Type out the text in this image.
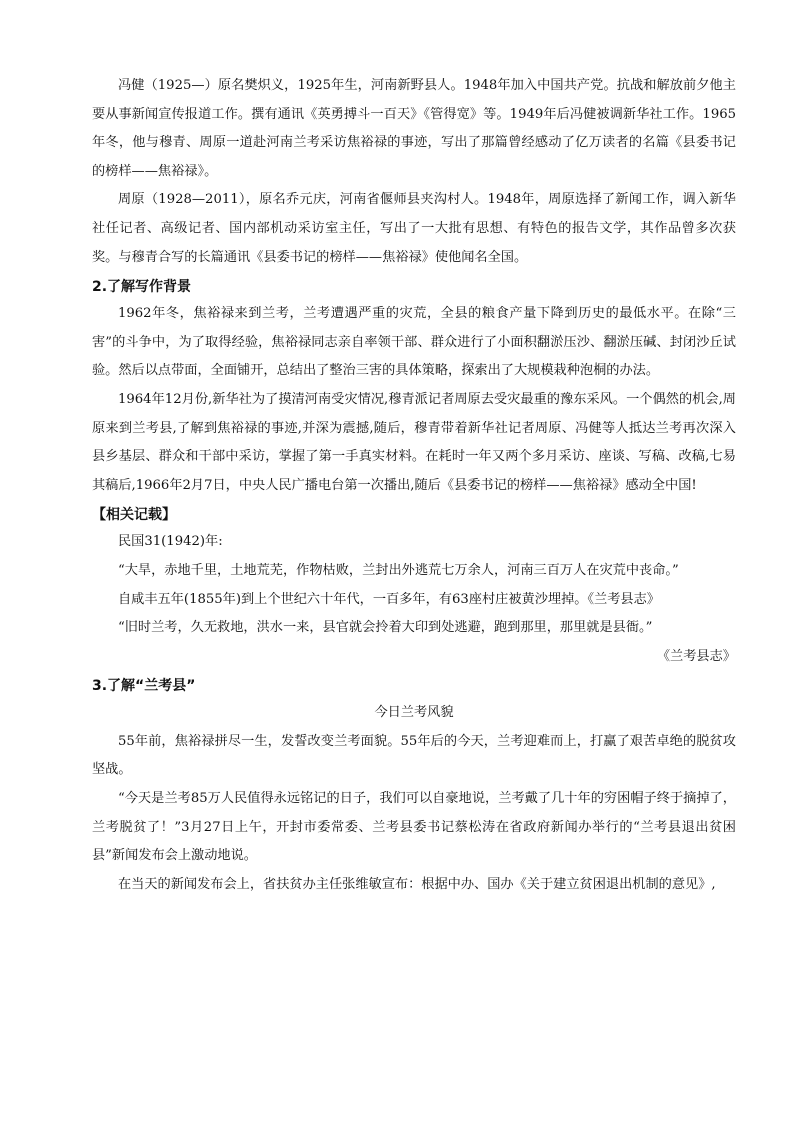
冯健（1925—）原名樊炽义，1925年生，河南新野县人。1948年加入中国共产党。抗战和解放前夕他主要从事新闻宣传报道工作。撰有通讯《英勇搏斗一百天》《管得宽》等。1949年后冯健被调新华社工作。1965年冬，他与穆青、周原一道赴河南兰考采访焦裕禄的事迹，写出了那篇曾经感动了亿万读者的名篇《县委书记的榜样——焦裕禄》。

周原（1928—2011），原名乔元庆，河南省偃师县夹沟村人。1948年，周原选择了新闻工作，调入新华社任记者、高级记者、国内部机动采访室主任，写出了一大批有思想、有特色的报告文学，其作品曾多次获奖。与穆青合写的长篇通讯《县委书记的榜样——焦裕禄》使他闻名全国。

2.了解写作背景

1962年冬，焦裕禄来到兰考，兰考遭遇严重的灾荒，全县的粮食产量下降到历史的最低水平。在除“三害”的斗争中，为了取得经验，焦裕禄同志亲自率领干部、群众进行了小面积翻淤压沙、翻淤压碱、封闭沙丘试验。然后以点带面，全面铺开，总结出了整治三害的具体策略，探索出了大规模栽种泡桐的办法。

1964年12月份,新华社为了摸清河南受灾情况,穆青派记者周原去受灾最重的豫东采风。一个偶然的机会,周原来到兰考县,了解到焦裕禄的事迹,并深为震撼,随后，穆青带着新华社记者周原、冯健等人抵达兰考再次深入县乡基层、群众和干部中采访，掌握了第一手真实材料。在耗时一年又两个多月采访、座谈、写稿、改稿,七易其稿后,1966年2月7日，中央人民广播电台第一次播出,随后《县委书记的榜样——焦裕禄》感动全中国!

【相关记载】

民国31(1942)年:

“大旱，赤地千里，土地荒芜，作物枯败，兰封出外逃荒七万余人，河南三百万人在灾荒中丧命。”

自咸丰五年(1855年)到上个世纪六十年代，一百多年，有63座村庄被黄沙埋掉。《兰考县志》

“旧时兰考，久无救地，洪水一来，县官就会拎着大印到处逃避，跑到那里，那里就是县衙。”

《兰考县志》

3.了解“兰考县”

今日兰考风貌

55年前，焦裕禄拼尽一生，发誓改变兰考面貌。55年后的今天，兰考迎难而上，打赢了艰苦卓绝的脱贫攻坚战。

“今天是兰考85万人民值得永远铭记的日子，我们可以自豪地说，兰考戴了几十年的穷困帽子终于摘掉了，兰考脱贫了！”3月27日上午，开封市委常委、兰考县委书记蔡松涛在省政府新闻办举行的“兰考县退出贫困县”新闻发布会上激动地说。

在当天的新闻发布会上，省扶贫办主任张维敏宣布：根据中办、国办《关于建立贫困退出机制的意见》,
